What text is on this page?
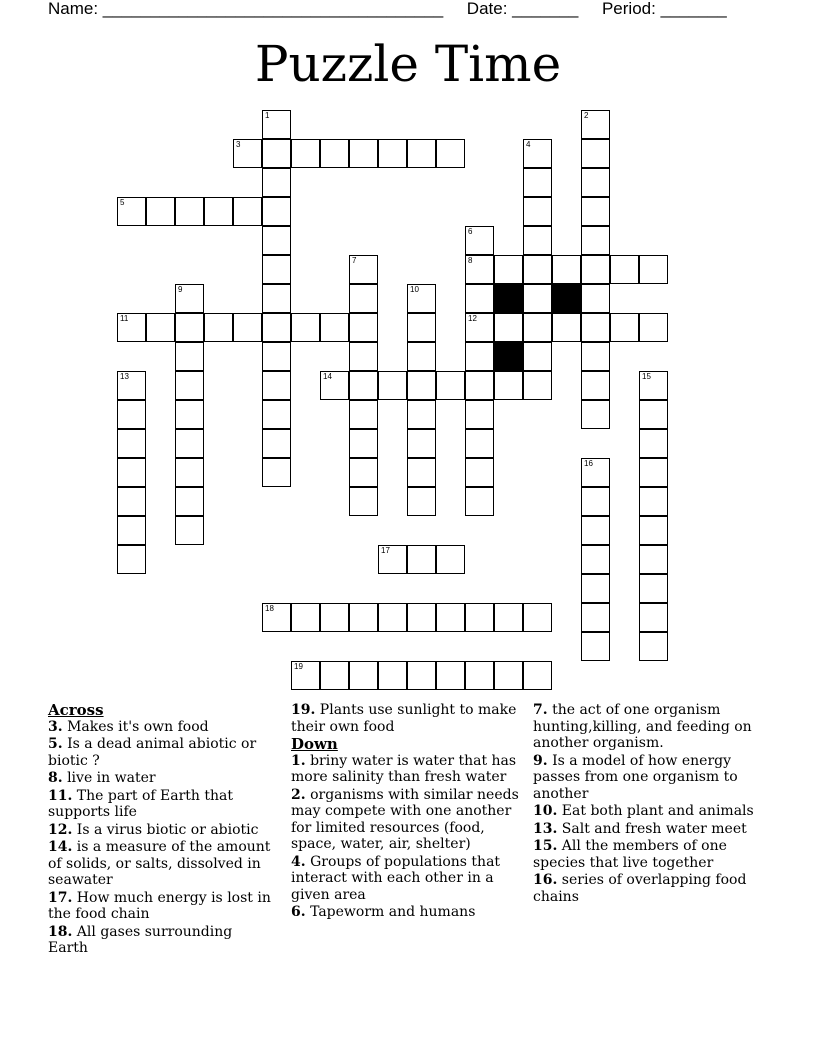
Name: ____________________________________ Date: _______ Period: _______
Puzzle Time
1	2
3	4
5
6
7	8
9	10
11	12
13	14	15
16
17
18
19
Across
3. Makes it's own food
5. Is a dead animal abiotic or biotic ?
8. live in water
11. The part of Earth that supports life
12. Is a virus biotic or abiotic
14. is a measure of the amount of solids, or salts, dissolved in seawater
17. How much energy is lost in the food chain
18. All gases surrounding Earth
19. Plants use sunlight to make their own food
Down
1. briny water is water that has more salinity than fresh water
2. organisms with similar needs may compete with one another for limited resources (food, space, water, air, shelter)
4. Groups of populations that interact with each other in a given area
6. Tapeworm and humans
7. the act of one organism hunting,killing, and feeding on another organism.
9. Is a model of how energy passes from one organism to another
10. Eat both plant and animals
13. Salt and fresh water meet
15. All the members of one species that live together
16. series of overlapping food chains
